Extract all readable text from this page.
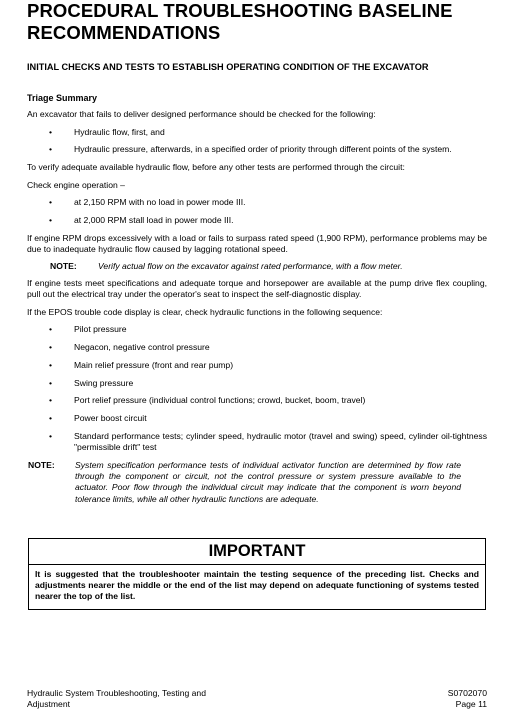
PROCEDURAL TROUBLESHOOTING BASELINE RECOMMENDATIONS
INITIAL CHECKS AND TESTS TO ESTABLISH OPERATING CONDITION OF THE EXCAVATOR

Triage Summary

An excavator that fails to deliver designed performance should be checked for the following:

•	Hydraulic flow, first, and
•	Hydraulic pressure, afterwards, in a specified order of priority through different points of the system.

To verify adequate available hydraulic flow, before any other tests are performed through the circuit:

Check engine operation –

•	at 2,150 RPM with no load in power mode III.
•	at 2,000 RPM stall load in power mode III.

If engine RPM drops excessively with a load or fails to surpass rated speed (1,900 RPM), performance problems may be due to inadequate hydraulic flow caused by lagging rotational speed.

NOTE:	Verify actual flow on the excavator against rated performance, with a flow meter.

If engine tests meet specifications and adequate torque and horsepower are available at the pump drive flex coupling, pull out the electrical tray under the operator's seat to inspect the self-diagnostic display.

If the EPOS trouble code display is clear, check hydraulic functions in the following sequence:

•	Pilot pressure
•	Negacon, negative control pressure
•	Main relief pressure (front and rear pump)
•	Swing pressure
•	Port relief pressure (individual control functions; crowd, bucket, boom, travel)
•	Power boost circuit
•	Standard performance tests; cylinder speed, hydraulic motor (travel and swing) speed, cylinder oil-tightness "permissible drift" test
NOTE:	System specification performance tests of individual activator function are determined by flow rate through the component or circuit, not the control pressure or system pressure available to the actuator. Poor flow through the individual circuit may indicate that the component is worn beyond tolerance limits, while all other hydraulic functions are adequate.
IMPORTANT
It is suggested that the troubleshooter maintain the testing sequence of the preceding list. Checks and adjustments nearer the middle or the end of the list may depend on adequate functioning of systems tested nearer the top of the list.
Hydraulic System Troubleshooting, Testing and
Adjustment
S0702070
Page 11
